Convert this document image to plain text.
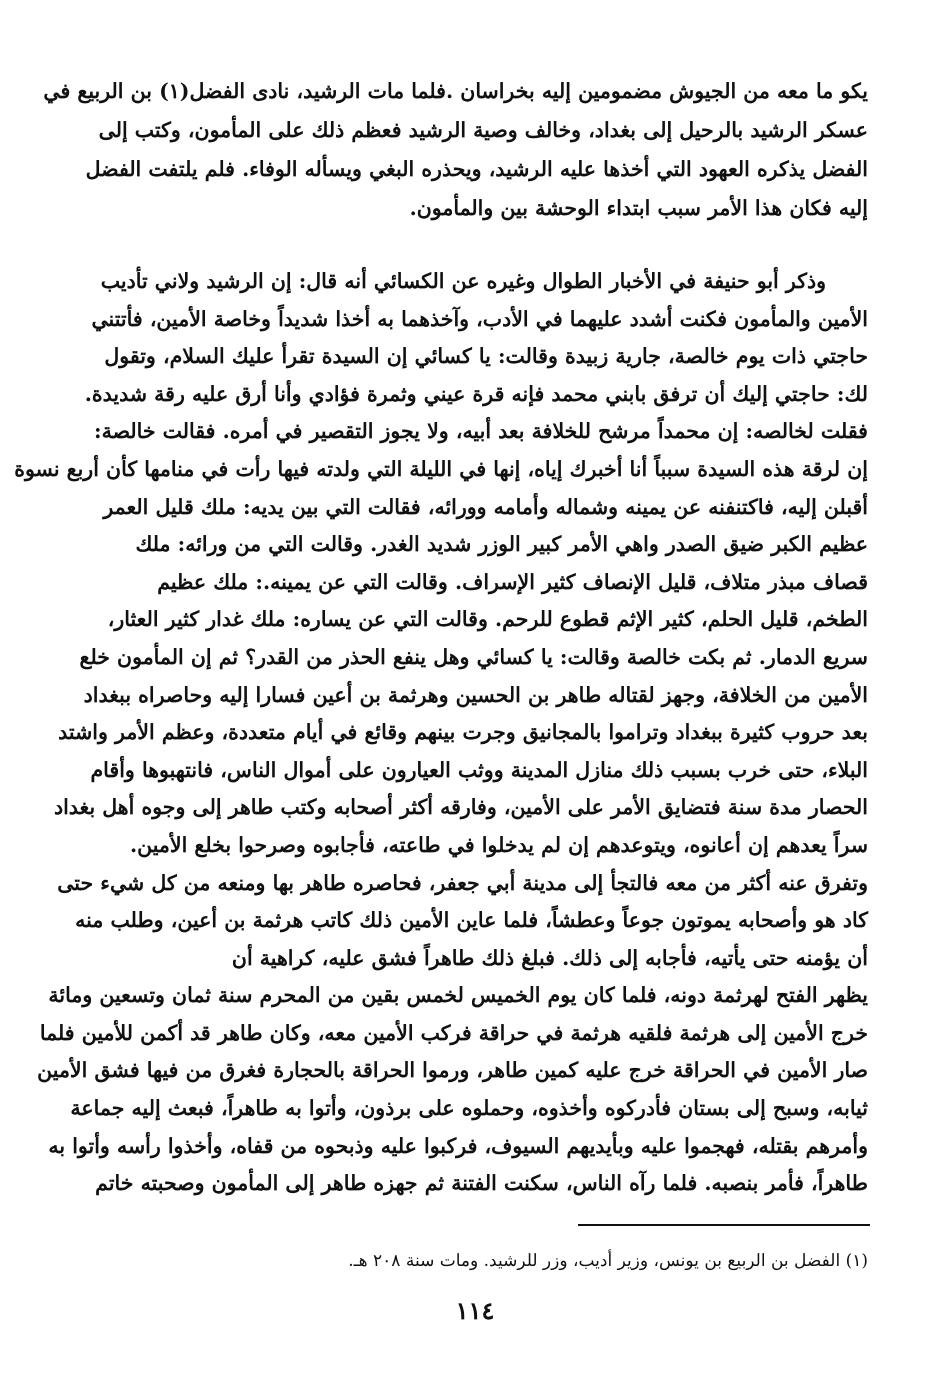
يكو ما معه من الجيوش مضمومين إليه بخراسان .فلما مات الرشيد، نادى الفضل(١) بن الربيع في
عسكر الرشيد بالرحيل إلى بغداد، وخالف وصية الرشيد فعظم ذلك على المأمون، وكتب إلى
الفضل يذكره العهود التي أخذها عليه الرشيد، ويحذره البغي ويسأله الوفاء. فلم يلتفت الفضل
إليه فكان هذا الأمر سبب ابتداء الوحشة بين والمأمون.
وذكر أبو حنيفة في الأخبار الطوال وغيره عن الكسائي أنه قال: إن الرشيد ولاني تأديب
الأمين والمأمون فكنت أشدد عليهما في الأدب، وآخذهما به أخذا شديداً وخاصة الأمين، فأتتني
حاجتي ذات يوم خالصة، جارية زبيدة وقالت: يا كسائي إن السيدة تقرأ عليك السلام، وتقول
لك: حاجتي إليك أن ترفق بابني محمد فإنه قرة عيني وثمرة فؤادي وأنا أرق عليه رقة شديدة.
فقلت لخالصه: إن محمداً مرشح للخلافة بعد أبيه، ولا يجوز التقصير في أمره. فقالت خالصة:
إن لرقة هذه السيدة سبباً أنا أخبرك إياه، إنها في الليلة التي ولدته فيها رأت في منامها كأن أربع نسوة
أقبلن إليه، فاكتنفنه عن يمينه وشماله وأمامه وورائه، فقالت التي بين يديه: ملك قليل العمر
عظيم الكبر ضيق الصدر واهي الأمر كبير الوزر شديد الغدر. وقالت التي من ورائه: ملك
قصاف مبذر متلاف، قليل الإنصاف كثير الإسراف. وقالت التي عن يمينه.: ملك عظيم
الطخم، قليل الحلم، كثير الإثم قطوع للرحم. وقالت التي عن يساره: ملك غدار كثير العثار،
سريع الدمار. ثم بكت خالصة وقالت: يا كسائي وهل ينفع الحذر من القدر؟ ثم إن المأمون خلع
الأمين من الخلافة، وجهز لقتاله طاهر بن الحسين وهرثمة بن أعين فسارا إليه وحاصراه ببغداد
بعد حروب كثيرة ببغداد وتراموا بالمجانيق وجرت بينهم وقائع في أيام متعددة، وعظم الأمر واشتد
البلاء، حتى خرب بسبب ذلك منازل المدينة ووثب العيارون على أموال الناس، فانتهبوها وأقام
الحصار مدة سنة فتضايق الأمر على الأمين، وفارقه أكثر أصحابه وكتب طاهر إلى وجوه أهل بغداد
سراً يعدهم إن أعانوه، ويتوعدهم إن لم يدخلوا في طاعته، فأجابوه وصرحوا بخلع الأمين.
وتفرق عنه أكثر من معه فالتجأ إلى مدينة أبي جعفر، فحاصره طاهر بها ومنعه من كل شيء حتى
كاد هو وأصحابه يموتون جوعاً وعطشاً، فلما عاين الأمين ذلك كاتب هرثمة بن أعين، وطلب منه
أن يؤمنه حتى يأتيه، فأجابه إلى ذلك. فبلغ ذلك طاهراً فشق عليه، كراهية أن
يظهر الفتح لهرثمة دونه، فلما كان يوم الخميس لخمس بقين من المحرم سنة ثمان وتسعين ومائة
خرج الأمين إلى هرثمة فلقيه هرثمة في حراقة فركب الأمين معه، وكان طاهر قد أكمن للأمين فلما
صار الأمين في الحراقة خرج عليه كمين طاهر، ورموا الحراقة بالحجارة فغرق من فيها فشق الأمين
ثيابه، وسبح إلى بستان فأدركوه وأخذوه، وحملوه على برذون، وأتوا به طاهراً، فبعث إليه جماعة
وأمرهم بقتله، فهجموا عليه وبأيديهم السيوف، فركبوا عليه وذبحوه من قفاه، وأخذوا رأسه وأتوا به
طاهراً، فأمر بنصبه. فلما رآه الناس، سكنت الفتنة ثم جهزه طاهر إلى المأمون وصحبته خاتم
(١) الفضل بن الربيع بن يونس، وزير أديب، وزر للرشيد. ومات سنة ٢٠٨ هـ.
١١٤
